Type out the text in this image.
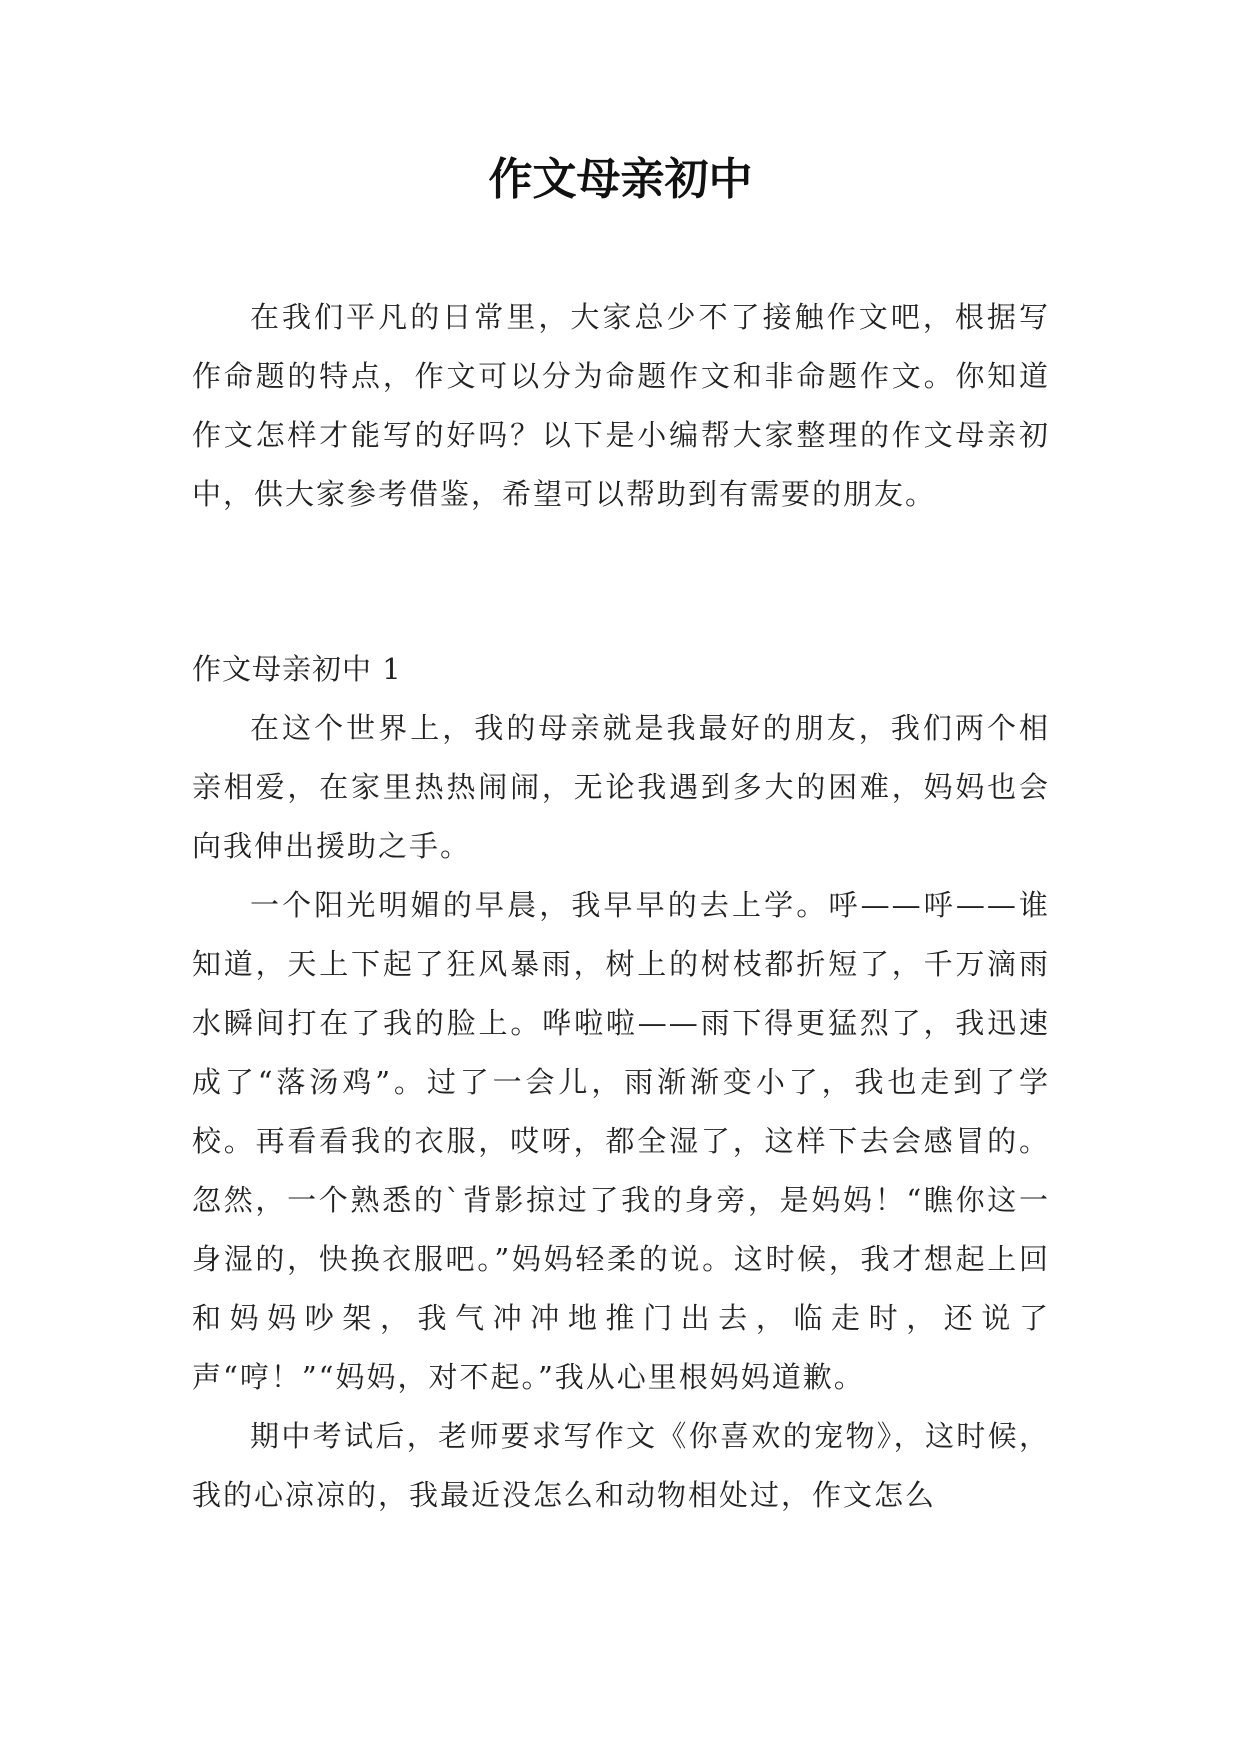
作文母亲初中

在我们平凡的日常里，大家总少不了接触作文吧，根据写作命题的特点，作文可以分为命题作文和非命题作文。你知道作文怎样才能写的好吗？以下是小编帮大家整理的作文母亲初中，供大家参考借鉴，希望可以帮助到有需要的朋友。

作文母亲初中 1

在这个世界上，我的母亲就是我最好的朋友，我们两个相亲相爱，在家里热热闹闹，无论我遇到多大的困难，妈妈也会向我伸出援助之手。

一个阳光明媚的早晨，我早早的去上学。呼——呼——谁知道，天上下起了狂风暴雨，树上的树枝都折短了，千万滴雨水瞬间打在了我的脸上。哗啦啦——雨下得更猛烈了，我迅速成了“落汤鸡”。过了一会儿，雨渐渐变小了，我也走到了学校。再看看我的衣服，哎呀，都全湿了，这样下去会感冒的。忽然，一个熟悉的`背影掠过了我的身旁，是妈妈！“瞧你这一身湿的，快换衣服吧。”妈妈轻柔的说。这时候，我才想起上回和妈妈吵架，我气冲冲地推门出去，临走时，还说了声“哼！”“妈妈，对不起。”我从心里根妈妈道歉。

期中考试后，老师要求写作文《你喜欢的宠物》，这时候，我的心凉凉的，我最近没怎么和动物相处过，作文怎么
